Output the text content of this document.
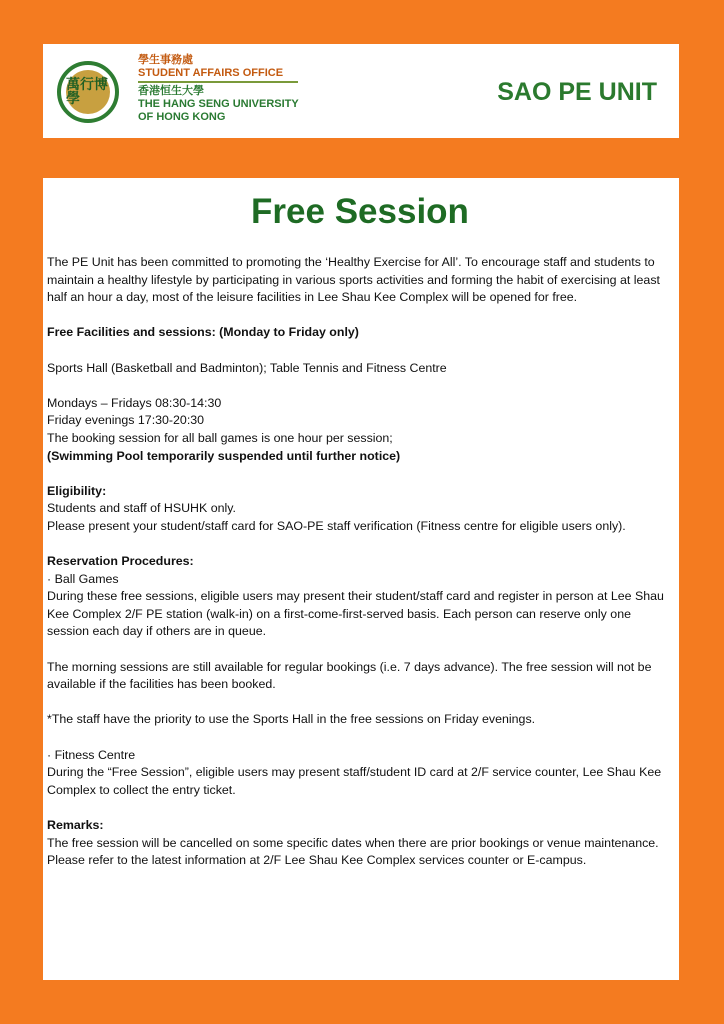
萬行博學
學生事務處
STUDENT AFFAIRS OFFICE
香港恒生大學
THE HANG SENG UNIVERSITY
OF HONG KONG
SAO PE UNIT
Free Session

The PE Unit has been committed to promoting the ‘Healthy Exercise for All’. To encourage staff and students to maintain a healthy lifestyle by participating in various sports activities and forming the habit of exercising at least half an hour a day, most of the leisure facilities in Lee Shau Kee Complex will be opened for free.

Free Facilities and sessions: (Monday to Friday only)

Sports Hall (Basketball and Badminton); Table Tennis and Fitness Centre

Mondays – Fridays 08:30-14:30

Friday evenings 17:30-20:30

The booking session for all ball games is one hour per session;

(Swimming Pool temporarily suspended until further notice)

Eligibility:

Students and staff of HSUHK only.

Please present your student/staff card for SAO-PE staff verification (Fitness centre for eligible users only).

Reservation Procedures:

· Ball Games

During these free sessions, eligible users may present their student/staff card and register in person at Lee Shau Kee Complex 2/F PE station (walk-in) on a first-come-first-served basis. Each person can reserve only one session each day if others are in queue.

The morning sessions are still available for regular bookings (i.e. 7 days advance). The free session will not be available if the facilities has been booked.

*The staff have the priority to use the Sports Hall in the free sessions on Friday evenings.

· Fitness Centre

During the “Free Session”, eligible users may present staff/student ID card at 2/F service counter, Lee Shau Kee Complex to collect the entry ticket.

Remarks:

The free session will be cancelled on some specific dates when there are prior bookings or venue maintenance. Please refer to the latest information at 2/F Lee Shau Kee Complex services counter or E-campus.
